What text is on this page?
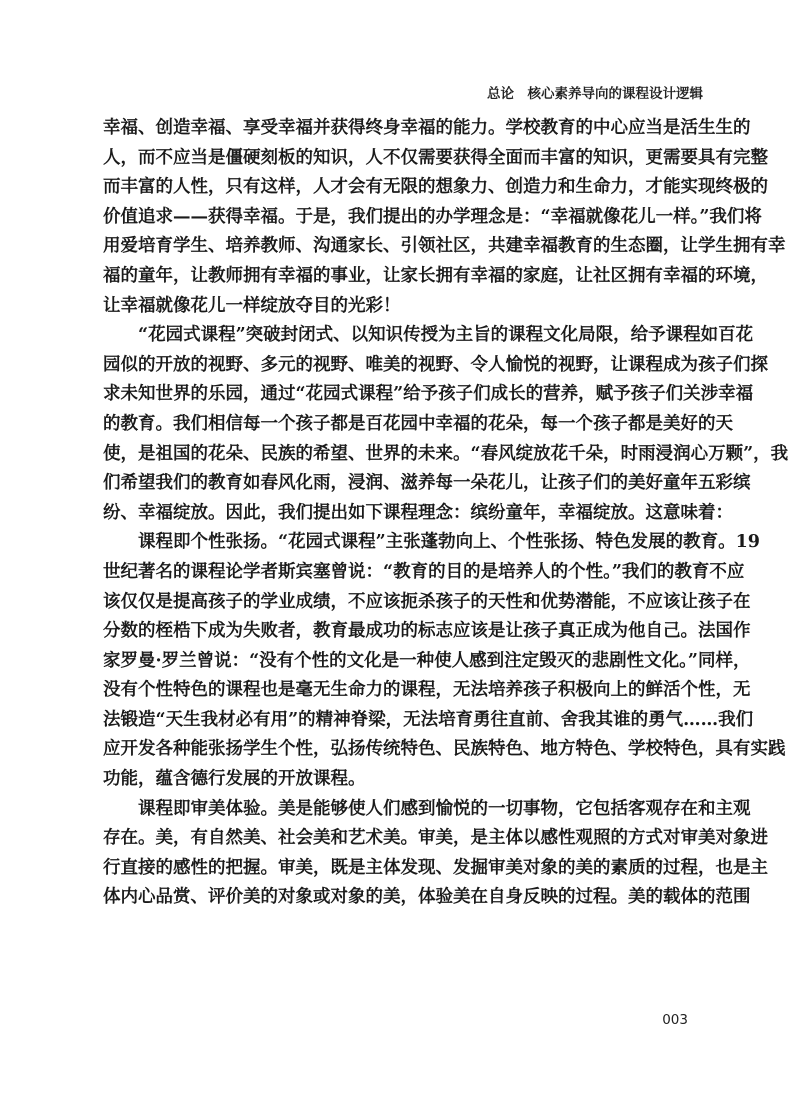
总论　核心素养导向的课程设计逻辑
幸福、创造幸福、享受幸福并获得终身幸福的能力。学校教育的中心应当是活生生的
人，而不应当是僵硬刻板的知识，人不仅需要获得全面而丰富的知识，更需要具有完整
而丰富的人性，只有这样，人才会有无限的想象力、创造力和生命力，才能实现终极的
价值追求——获得幸福。于是，我们提出的办学理念是：“幸福就像花儿一样。”我们将
用爱培育学生、培养教师、沟通家长、引领社区，共建幸福教育的生态圈，让学生拥有幸
福的童年，让教师拥有幸福的事业，让家长拥有幸福的家庭，让社区拥有幸福的环境，
让幸福就像花儿一样绽放夺目的光彩！
“花园式课程”突破封闭式、以知识传授为主旨的课程文化局限，给予课程如百花
园似的开放的视野、多元的视野、唯美的视野、令人愉悦的视野，让课程成为孩子们探
求未知世界的乐园，通过“花园式课程”给予孩子们成长的营养，赋予孩子们关涉幸福
的教育。我们相信每一个孩子都是百花园中幸福的花朵，每一个孩子都是美好的天
使，是祖国的花朵、民族的希望、世界的未来。“春风绽放花千朵，时雨浸润心万颗”，我
们希望我们的教育如春风化雨，浸润、滋养每一朵花儿，让孩子们的美好童年五彩缤
纷、幸福绽放。因此，我们提出如下课程理念：缤纷童年，幸福绽放。这意味着：
课程即个性张扬。“花园式课程”主张蓬勃向上、个性张扬、特色发展的教育。19
世纪著名的课程论学者斯宾塞曾说：“教育的目的是培养人的个性。”我们的教育不应
该仅仅是提高孩子的学业成绩，不应该扼杀孩子的天性和优势潜能，不应该让孩子在
分数的桎梏下成为失败者，教育最成功的标志应该是让孩子真正成为他自己。法国作
家罗曼·罗兰曾说：“没有个性的文化是一种使人感到注定毁灭的悲剧性文化。”同样，
没有个性特色的课程也是毫无生命力的课程，无法培养孩子积极向上的鲜活个性，无
法锻造“天生我材必有用”的精神脊梁，无法培育勇往直前、舍我其谁的勇气……我们
应开发各种能张扬学生个性，弘扬传统特色、民族特色、地方特色、学校特色，具有实践
功能，蕴含德行发展的开放课程。
课程即审美体验。美是能够使人们感到愉悦的一切事物，它包括客观存在和主观
存在。美，有自然美、社会美和艺术美。审美，是主体以感性观照的方式对审美对象进
行直接的感性的把握。审美，既是主体发现、发掘审美对象的美的素质的过程，也是主
体内心品赏、评价美的对象或对象的美，体验美在自身反映的过程。美的载体的范围
003
